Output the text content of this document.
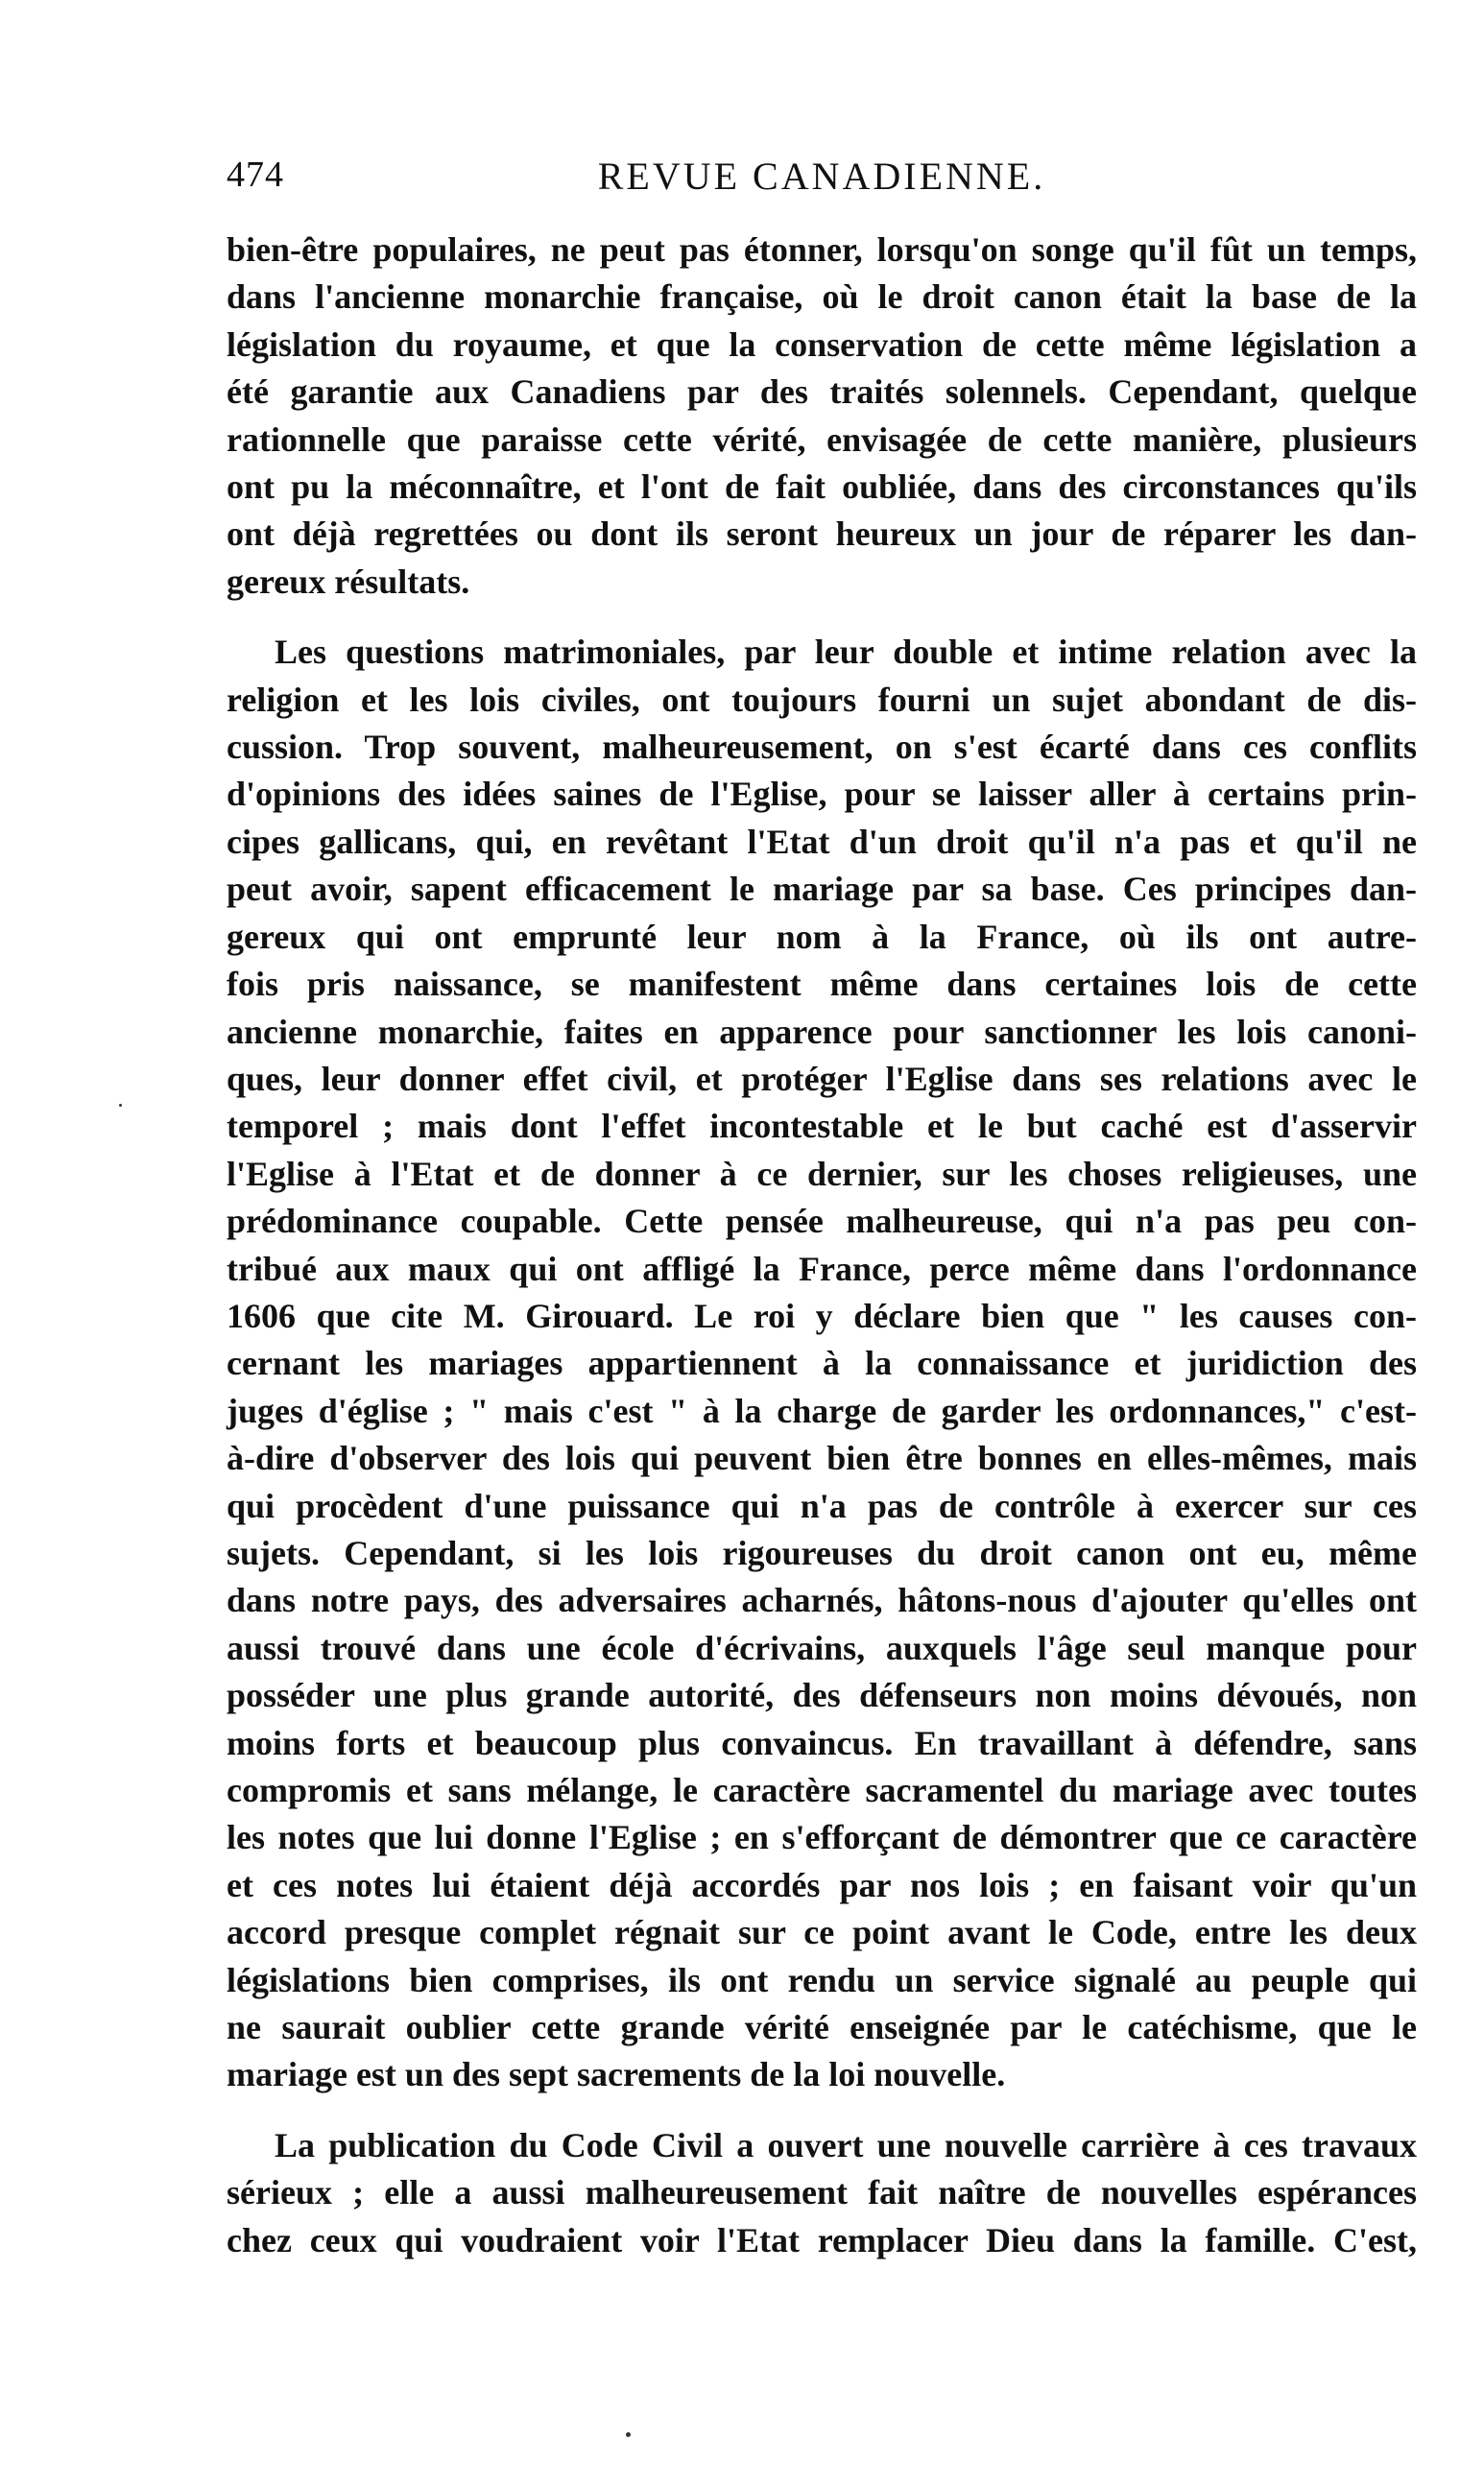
474	REVUE CANADIENNE.
bien-être populaires, ne peut pas étonner, lorsqu'on songe qu'il fût un temps,
dans l'ancienne monarchie française, où le droit canon était la base de la
législation du royaume, et que la conservation de cette même législation a
été garantie aux Canadiens par des traités solennels. Cependant, quelque
rationnelle que paraisse cette vérité, envisagée de cette manière, plusieurs
ont pu la méconnaître, et l'ont de fait oubliée, dans des circonstances qu'ils
ont déjà regrettées ou dont ils seront heureux un jour de réparer les dan-
gereux résultats.
Les questions matrimoniales, par leur double et intime relation avec la
religion et les lois civiles, ont toujours fourni un sujet abondant de dis-
cussion. Trop souvent, malheureusement, on s'est écarté dans ces conflits
d'opinions des idées saines de l'Eglise, pour se laisser aller à certains prin-
cipes gallicans, qui, en revêtant l'Etat d'un droit qu'il n'a pas et qu'il ne
peut avoir, sapent efficacement le mariage par sa base. Ces principes dan-
gereux qui ont emprunté leur nom à la France, où ils ont autre-
fois pris naissance, se manifestent même dans certaines lois de cette
ancienne monarchie, faites en apparence pour sanctionner les lois canoni-
ques, leur donner effet civil, et protéger l'Eglise dans ses relations avec le
temporel ; mais dont l'effet incontestable et le but caché est d'asservir
l'Eglise à l'Etat et de donner à ce dernier, sur les choses religieuses, une
prédominance coupable. Cette pensée malheureuse, qui n'a pas peu con-
tribué aux maux qui ont affligé la France, perce même dans l'ordonnance
1606 que cite M. Girouard. Le roi y déclare bien que " les causes con-
cernant les mariages appartiennent à la connaissance et juridiction des
juges d'église ; " mais c'est " à la charge de garder les ordonnances," c'est-
à-dire d'observer des lois qui peuvent bien être bonnes en elles-mêmes, mais
qui procèdent d'une puissance qui n'a pas de contrôle à exercer sur ces
sujets. Cependant, si les lois rigoureuses du droit canon ont eu, même
dans notre pays, des adversaires acharnés, hâtons-nous d'ajouter qu'elles ont
aussi trouvé dans une école d'écrivains, auxquels l'âge seul manque pour
posséder une plus grande autorité, des défenseurs non moins dévoués, non
moins forts et beaucoup plus convaincus. En travaillant à défendre, sans
compromis et sans mélange, le caractère sacramentel du mariage avec toutes
les notes que lui donne l'Eglise ; en s'efforçant de démontrer que ce caractère
et ces notes lui étaient déjà accordés par nos lois ; en faisant voir qu'un
accord presque complet régnait sur ce point avant le Code, entre les deux
législations bien comprises, ils ont rendu un service signalé au peuple qui
ne saurait oublier cette grande vérité enseignée par le catéchisme, que le
mariage est un des sept sacrements de la loi nouvelle.
La publication du Code Civil a ouvert une nouvelle carrière à ces travaux
sérieux ; elle a aussi malheureusement fait naître de nouvelles espérances
chez ceux qui voudraient voir l'Etat remplacer Dieu dans la famille. C'est,
